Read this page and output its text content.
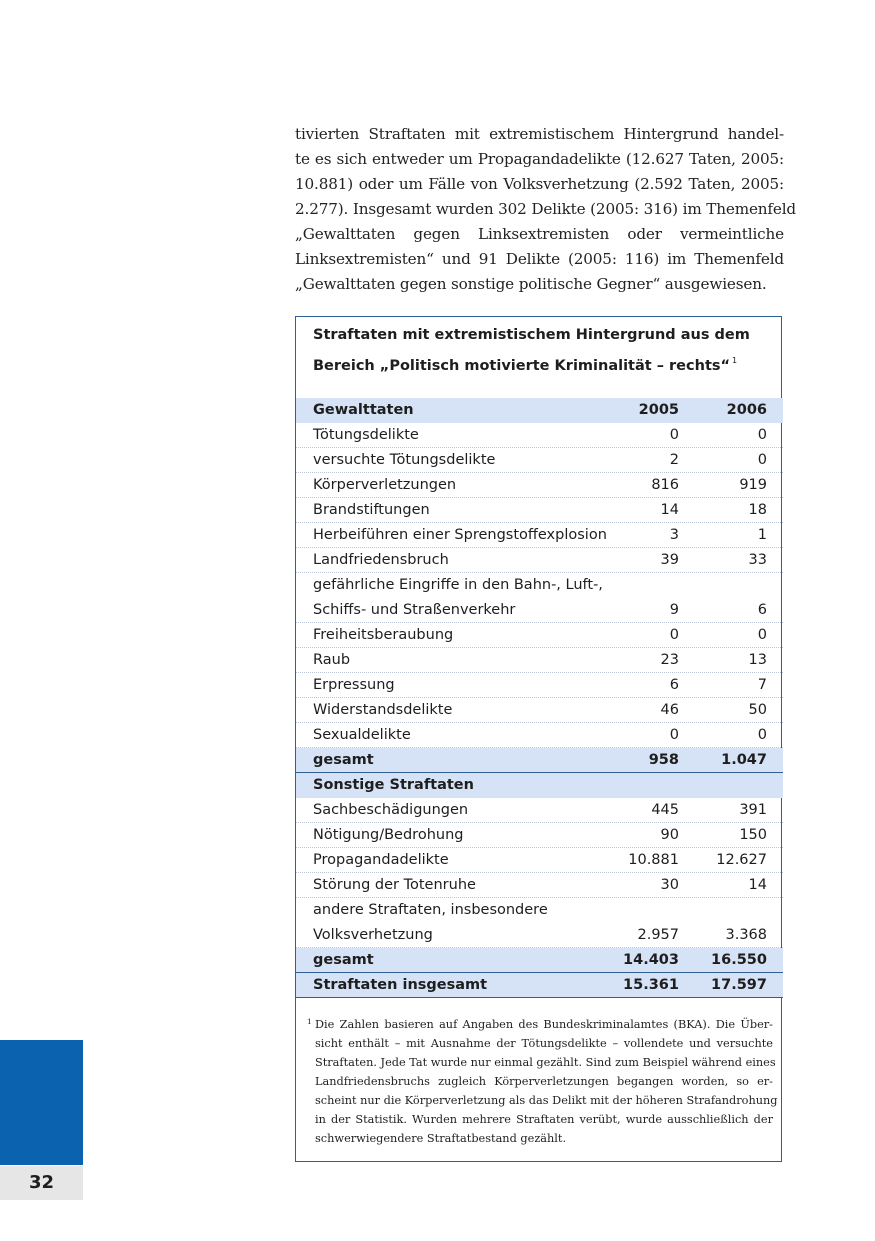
tivierten Straftaten mit extremistischem Hintergrund handel-
te es sich entweder um Propagandadelikte (12.627 Taten, 2005:
10.881) oder um Fälle von Volksverhetzung (2.592 Taten, 2005:
2.277). Insgesamt wurden 302 Delikte (2005: 316) im Themenfeld
„Gewalttaten gegen Linksextremisten oder vermeintliche
Linksextremisten“ und 91 Delikte (2005: 116) im Themenfeld
„Gewalttaten gegen sonstige politische Gegner“ ausgewiesen.
Straftaten mit extremistischem Hintergrund aus dem
Bereich „Politisch motivierte Kriminalität – rechts“ $^1$
Gewalttaten	2005	2006
Tötungsdelikte	0	0
versuchte Tötungsdelikte	2	0
Körperverletzungen	816	919
Brandstiftungen	14	18
Herbeiführen einer Sprengstoffexplosion	3	1
Landfriedensbruch	39	33
gefährliche Eingriffe in den Bahn-, Luft-,
Schiffs- und Straßenverkehr	9	6
Freiheitsberaubung	0	0
Raub	23	13
Erpressung	6	7
Widerstandsdelikte	46	50
Sexualdelikte	0	0
gesamt	958	1.047
Sonstige Straftaten
Sachbeschädigungen	445	391
Nötigung/Bedrohung	90	150
Propagandadelikte	10.881	12.627
Störung der Totenruhe	30	14
andere Straftaten, insbesondere
Volksverhetzung	2.957	3.368
gesamt	14.403 16.550
Straftaten insgesamt	15.361 17.597
1 Die Zahlen basieren auf Angaben des Bundeskriminalamtes (BKA). Die Über-
sicht enthält – mit Ausnahme der Tötungsdelikte – vollendete und versuchte
Straftaten. Jede Tat wurde nur einmal gezählt. Sind zum Beispiel während eines
Landfriedensbruchs zugleich Körperverletzungen begangen worden, so er-
scheint nur die Körperverletzung als das Delikt mit der höheren Strafandrohung
in der Statistik. Wurden mehrere Straftaten verübt, wurde ausschließlich der
schwerwiegendere Straftatbestand gezählt.
32
